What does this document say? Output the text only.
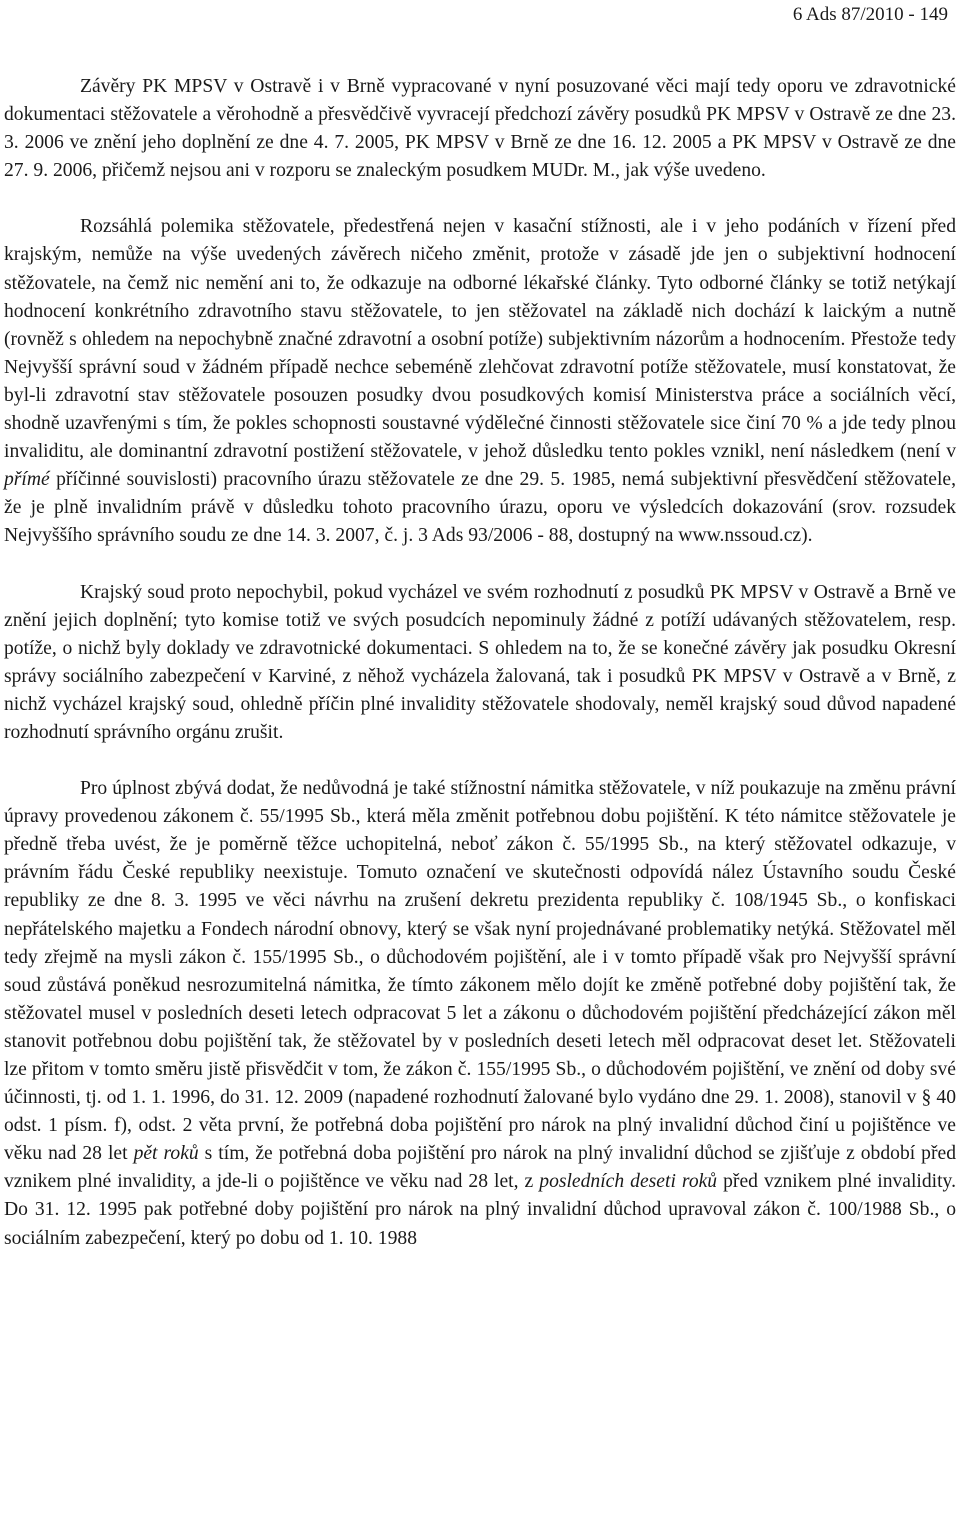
6 Ads 87/2010 - 149

Závěry PK MPSV v Ostravě i v Brně vypracované v nyní posuzované věci mají tedy oporu ve zdravotnické dokumentaci stěžovatele a věrohodně a přesvědčivě vyvracejí předchozí závěry posudků PK MPSV v Ostravě ze dne 23. 3. 2006 ve znění jeho doplnění ze dne 4. 7. 2005, PK MPSV v Brně ze dne 16. 12. 2005 a PK MPSV v Ostravě ze dne 27. 9. 2006, přičemž nejsou ani v rozporu se znaleckým posudkem MUDr. M., jak výše uvedeno.

Rozsáhlá polemika stěžovatele, předestřená nejen v kasační stížnosti, ale i v jeho podáních v řízení před krajským, nemůže na výše uvedených závěrech ničeho změnit, protože v zásadě jde jen o subjektivní hodnocení stěžovatele, na čemž nic nemění ani to, že odkazuje na odborné lékařské články. Tyto odborné články se totiž netýkají hodnocení konkrétního zdravotního stavu stěžovatele, to jen stěžovatel na základě nich dochází k laickým a nutně (rovněž s ohledem na nepochybně značné zdravotní a osobní potíže) subjektivním názorům a hodnocením. Přestože tedy Nejvyšší správní soud v žádném případě nechce sebeméně zlehčovat zdravotní potíže stěžovatele, musí konstatovat, že byl-li zdravotní stav stěžovatele posouzen posudky dvou posudkových komisí Ministerstva práce a sociálních věcí, shodně uzavřenými s tím, že pokles schopnosti soustavné výdělečné činnosti stěžovatele sice činí 70 % a jde tedy plnou invaliditu, ale dominantní zdravotní postižení stěžovatele, v jehož důsledku tento pokles vznikl, není následkem (není v přímé příčinné souvislosti) pracovního úrazu stěžovatele ze dne 29. 5. 1985, nemá subjektivní přesvědčení stěžovatele, že je plně invalidním právě v důsledku tohoto pracovního úrazu, oporu ve výsledcích dokazování (srov. rozsudek Nejvyššího správního soudu ze dne 14. 3. 2007, č. j. 3 Ads 93/2006 - 88, dostupný na www.nssoud.cz).

Krajský soud proto nepochybil, pokud vycházel ve svém rozhodnutí z posudků PK MPSV v Ostravě a Brně ve znění jejich doplnění; tyto komise totiž ve svých posudcích nepominuly žádné z potíží udávaných stěžovatelem, resp. potíže, o nichž byly doklady ve zdravotnické dokumentaci. S ohledem na to, že se konečné závěry jak posudku Okresní správy sociálního zabezpečení v Karviné, z něhož vycházela žalovaná, tak i posudků PK MPSV v Ostravě a v Brně, z nichž vycházel krajský soud, ohledně příčin plné invalidity stěžovatele shodovaly, neměl krajský soud důvod napadené rozhodnutí správního orgánu zrušit.

Pro úplnost zbývá dodat, že nedůvodná je také stížnostní námitka stěžovatele, v níž poukazuje na změnu právní úpravy provedenou zákonem č. 55/1995 Sb., která měla změnit potřebnou dobu pojištění. K této námitce stěžovatele je předně třeba uvést, že je poměrně těžce uchopitelná, neboť zákon č. 55/1995 Sb., na který stěžovatel odkazuje, v právním řádu České republiky neexistuje. Tomuto označení ve skutečnosti odpovídá nález Ústavního soudu České republiky ze dne 8. 3. 1995 ve věci návrhu na zrušení dekretu prezidenta republiky č. 108/1945 Sb., o konfiskaci nepřátelského majetku a Fondech národní obnovy, který se však nyní projednávané problematiky netýká. Stěžovatel měl tedy zřejmě na mysli zákon č. 155/1995 Sb., o důchodovém pojištění, ale i v tomto případě však pro Nejvyšší správní soud zůstává poněkud nesrozumitelná námitka, že tímto zákonem mělo dojít ke změně potřebné doby pojištění tak, že stěžovatel musel v posledních deseti letech odpracovat 5 let a zákonu o důchodovém pojištění předcházející zákon měl stanovit potřebnou dobu pojištění tak, že stěžovatel by v posledních deseti letech měl odpracovat deset let. Stěžovateli lze přitom v tomto směru jistě přisvědčit v tom, že zákon č. 155/1995 Sb., o důchodovém pojištění, ve znění od doby své účinnosti, tj. od 1. 1. 1996, do 31. 12. 2009 (napadené rozhodnutí žalované bylo vydáno dne 29. 1. 2008), stanovil v § 40 odst. 1 písm. f), odst. 2 věta první, že potřebná doba pojištění pro nárok na plný invalidní důchod činí u pojištěnce ve věku nad 28 let pět roků s tím, že potřebná doba pojištění pro nárok na plný invalidní důchod se zjišťuje z období před vznikem plné invalidity, a jde-li o pojištěnce ve věku nad 28 let, z posledních deseti roků před vznikem plné invalidity. Do 31. 12. 1995 pak potřebné doby pojištění pro nárok na plný invalidní důchod upravoval zákon č. 100/1988 Sb., o sociálním zabezpečení, který po dobu od 1. 10. 1988
